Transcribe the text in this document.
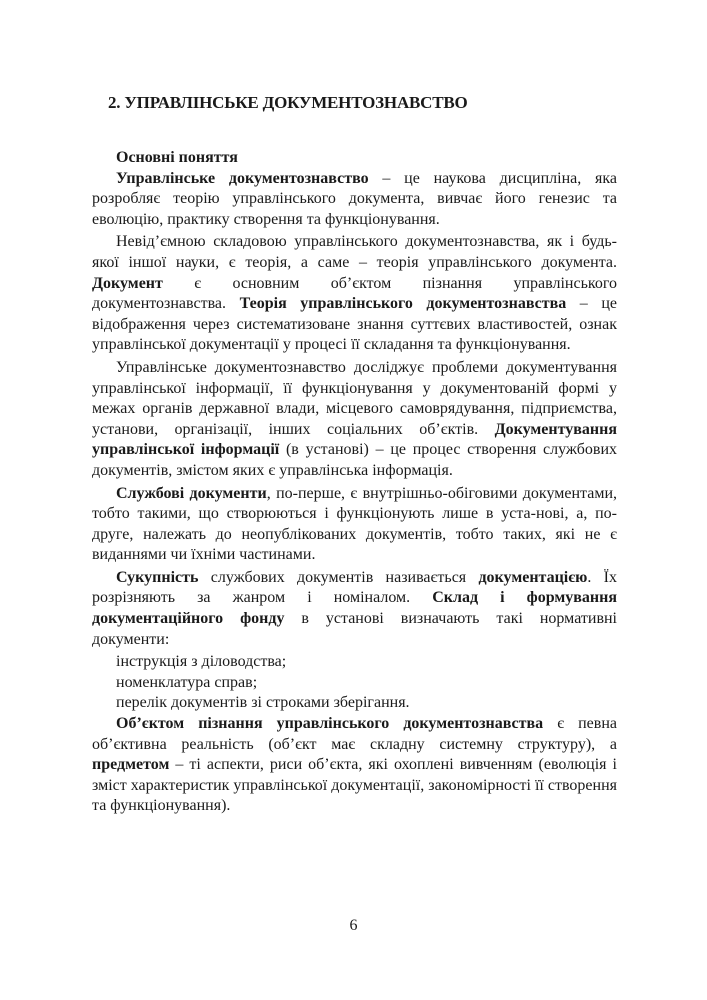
2. УПРАВЛІНСЬКЕ ДОКУМЕНТОЗНАВСТВО

Основні поняття

Управлінське документознавство – це наукова дисципліна, яка розробляє теорію управлінського документа, вивчає його генезис та еволюцію, практику створення та функціонування.

Невід’ємною складовою управлінського документознавства, як і будь-якої іншої науки, є теорія, а саме – теорія управлінського документа. Документ є основним об’єктом пізнання управлінського документознавства. Теорія управлінського документознавства – це відображення через систематизоване знання суттєвих властивостей, ознак управлінської документації у процесі її складання та функціонування.

Управлінське документознавство досліджує проблеми документування управлінської інформації, її функціонування у документованій формі у межах органів державної влади, місцевого самоврядування, підприємства, установи, організації, інших соціальних об’єктів. Документування управлінської інформації (в установі) – це процес створення службових документів, змістом яких є управлінська інформація.

Службові документи, по-перше, є внутрішньо-обіговими документами, тобто такими, що створюються і функціонують лише в уста-нові, а, по-друге, належать до неопублікованих документів, тобто таких, які не є виданнями чи їхніми частинами.

Сукупність службових документів називається документацією. Їх розрізняють за жанром і номіналом. Склад і формування документаційного фонду в установі визначають такі нормативні документи:

інструкція з діловодства;
номенклатура справ;
перелік документів зі строками зберігання.

Об’єктом пізнання управлінського документознавства є певна об’єктивна реальність (об’єкт має складну системну структуру), а предметом – ті аспекти, риси об’єкта, які охоплені вивченням (еволюція і зміст характеристик управлінської документації, закономірності її створення та функціонування).

6
